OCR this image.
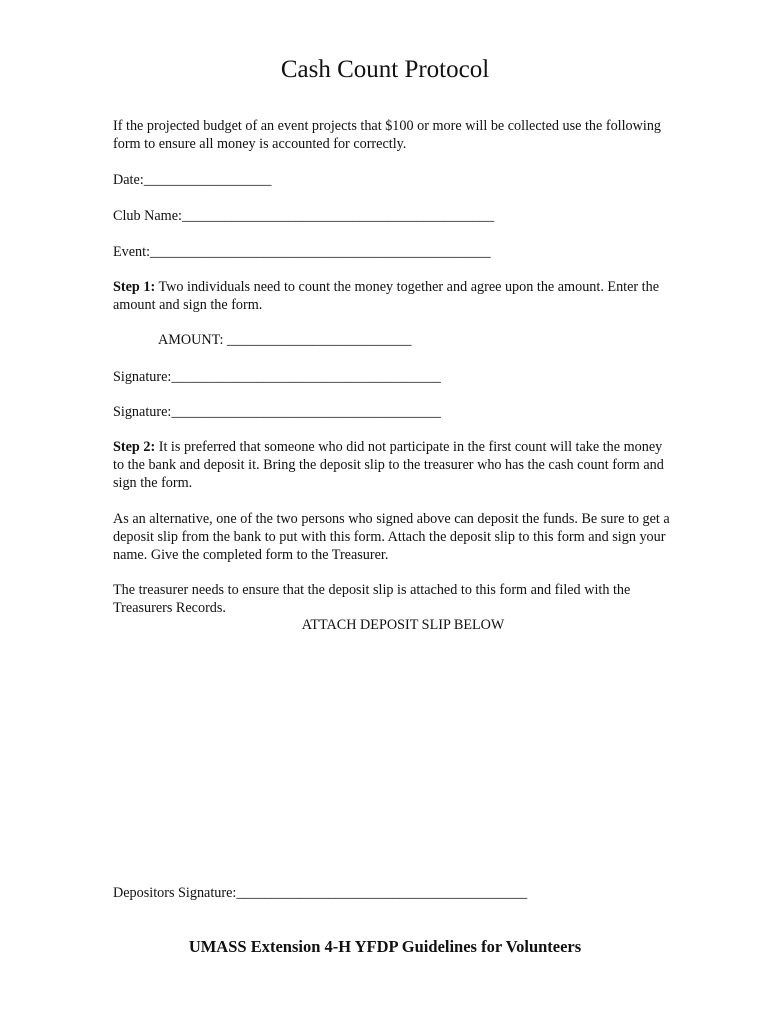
Cash Count Protocol
If the projected budget of an event projects that $100 or more will be collected use the following form to ensure all money is accounted for correctly.
Date:__________________
Club Name:____________________________________________
Event:________________________________________________
Step 1: Two individuals need to count the money together and agree upon the amount. Enter the amount and sign the form.
AMOUNT: __________________________
Signature:______________________________________
Signature:______________________________________
Step 2: It is preferred that someone who did not participate in the first count will take the money to the bank and deposit it. Bring the deposit slip to the treasurer who has the cash count form and sign the form.
As an alternative, one of the two persons who signed above can deposit the funds. Be sure to get a deposit slip from the bank to put with this form. Attach the deposit slip to this form and sign your name. Give the completed form to the Treasurer.
The treasurer needs to ensure that the deposit slip is attached to this form and filed with the Treasurers Records.
ATTACH DEPOSIT SLIP BELOW
Depositors Signature:_________________________________________
UMASS Extension 4-H YFDP Guidelines for Volunteers
